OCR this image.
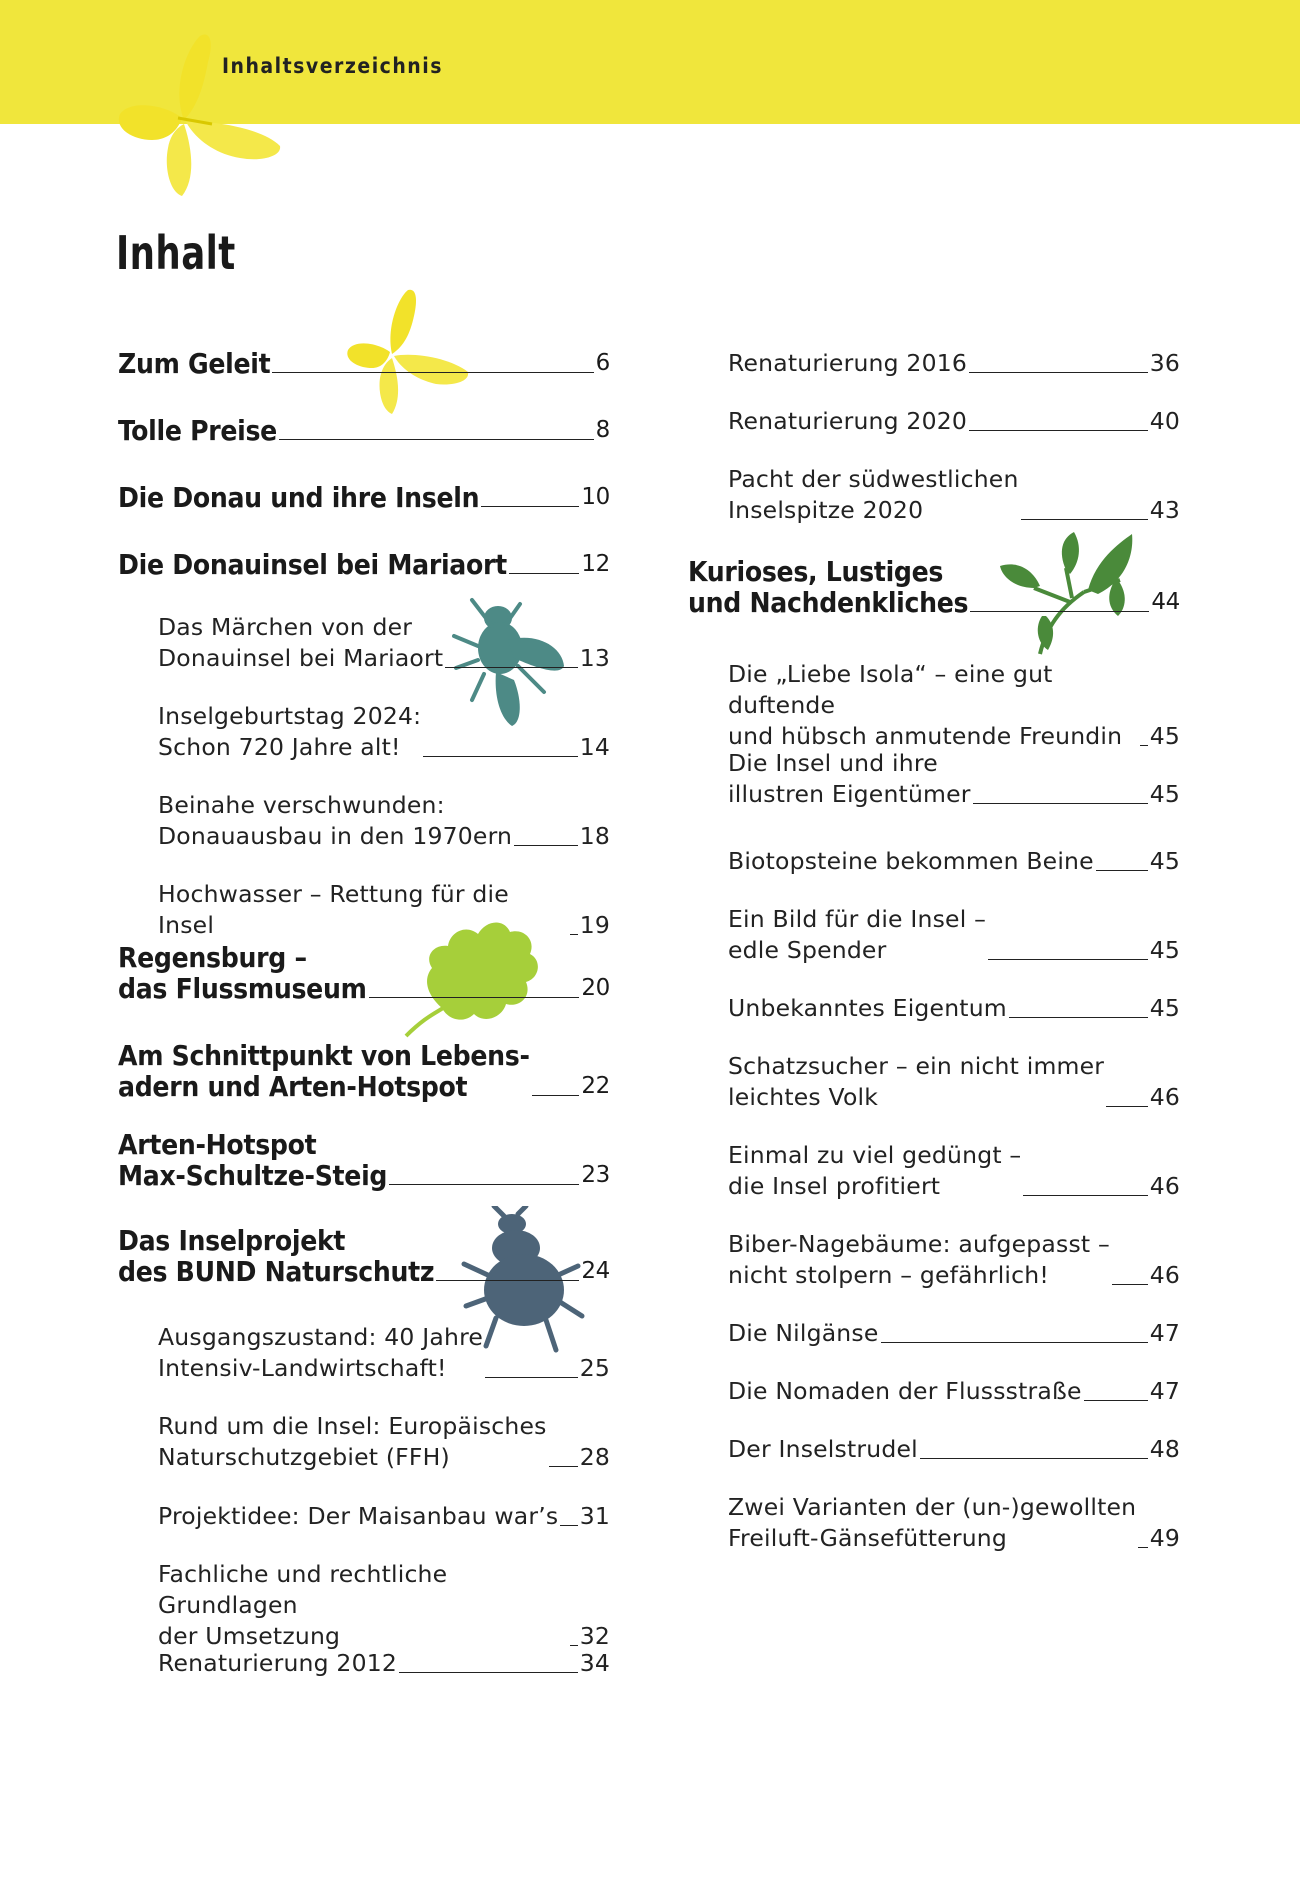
Inhaltsverzeichnis
Inhalt
Zum Geleit	6
Tolle Preise	8
Die Donau und ihre Inseln	10
Die Donauinsel bei Mariaort	12
Das Märchen von der
Donauinsel bei Mariaort	13
Inselgeburtstag 2024:
Schon 720 Jahre alt!	14
Beinahe verschwunden:
Donauausbau in den 1970ern	18
Hochwasser – Rettung für die Insel	19
Regensburg –
das Flussmuseum	20
Am Schnittpunkt von Lebens-
adern und Arten-Hotspot	22
Arten-Hotspot
Max-Schultze-Steig	23
Das Inselprojekt
des BUND Naturschutz	24
Ausgangszustand: 40 Jahre
Intensiv-Landwirtschaft!	25
Rund um die Insel: Europäisches
Naturschutzgebiet (FFH)	28
Projektidee: Der Maisanbau war’s 31
Fachliche und rechtliche Grundlagen
der Umsetzung	32
Renaturierung 2012	34
Renaturierung 2016	36
Renaturierung 2020	40
Pacht der südwestlichen
Inselspitze 2020	43
Kurioses, Lustiges
und Nachdenkliches	44
Die „Liebe Isola“ – eine gut duftende
und hübsch anmutende Freundin	45
Die Insel und ihre
illustren Eigentümer	45
Biotopsteine bekommen Beine 45
Ein Bild für die Insel –
edle Spender	45
Unbekanntes Eigentum	45
Schatzsucher – ein nicht immer
leichtes Volk	46
Einmal zu viel gedüngt –
die Insel profitiert	46
Biber-Nagebäume: aufgepasst –
nicht stolpern – gefährlich!	46
Die Nilgänse	47
Die Nomaden der Flussstraße	47
Der Inselstrudel	48
Zwei Varianten der (un-)gewollten
Freiluft-Gänsefütterung	49
